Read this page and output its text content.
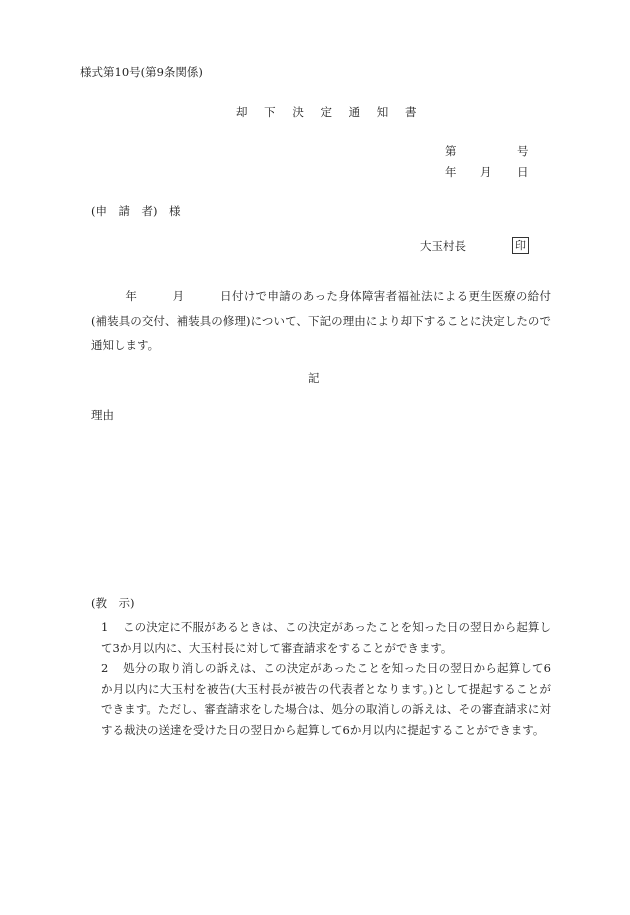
様式第10号(第9条関係)
却 下 決 定 通 知 書
第	号
年 月 日
(申　請　者)　様
大玉村長	印
年　　　月　　　日付けで申請のあった身体障害者福祉法による更生医療の給付(補装具の交付、補装具の修理)について、下記の理由により却下することに決定したので通知します。
記
理由
(教　示)
1 この決定に不服があるときは、この決定があったことを知った日の翌日から起算して3か月以内に、大玉村長に対して審査請求をすることができます。
2 処分の取り消しの訴えは、この決定があったことを知った日の翌日から起算して6か月以内に大玉村を被告(大玉村長が被告の代表者となります。)として提起することができます。ただし、審査請求をした場合は、処分の取消しの訴えは、その審査請求に対する裁決の送達を受けた日の翌日から起算して6か月以内に提起することができます。
